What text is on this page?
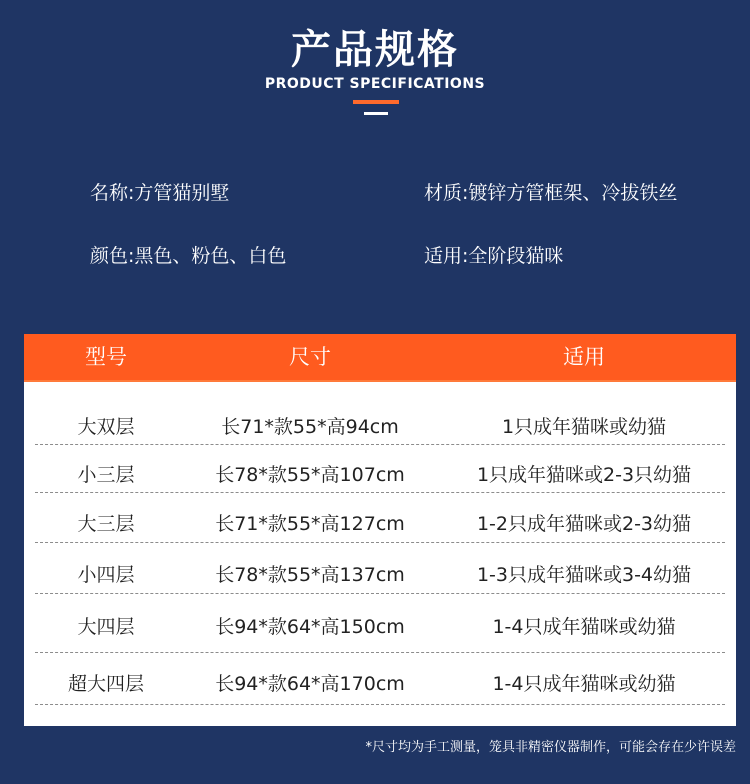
产品规格
PRODUCT SPECIFICATIONS
名称:方管猫别墅	材质:镀锌方管框架、冷拔铁丝
颜色:黑色、粉色、白色	适用:全阶段猫咪
型号	尺寸	适用
大双层	长71*款55*高94cm	1只成年猫咪或幼猫
小三层	长78*款55*高107cm	1只成年猫咪或2-3只幼猫
大三层	长71*款55*高127cm	1-2只成年猫咪或2-3幼猫
小四层	长78*款55*高137cm	1-3只成年猫咪或3-4幼猫
大四层	长94*款64*高150cm	1-4只成年猫咪或幼猫
超大四层	长94*款64*高170cm	1-4只成年猫咪或幼猫
*尺寸均为手工测量，笼具非精密仪器制作，可能会存在少许误差
